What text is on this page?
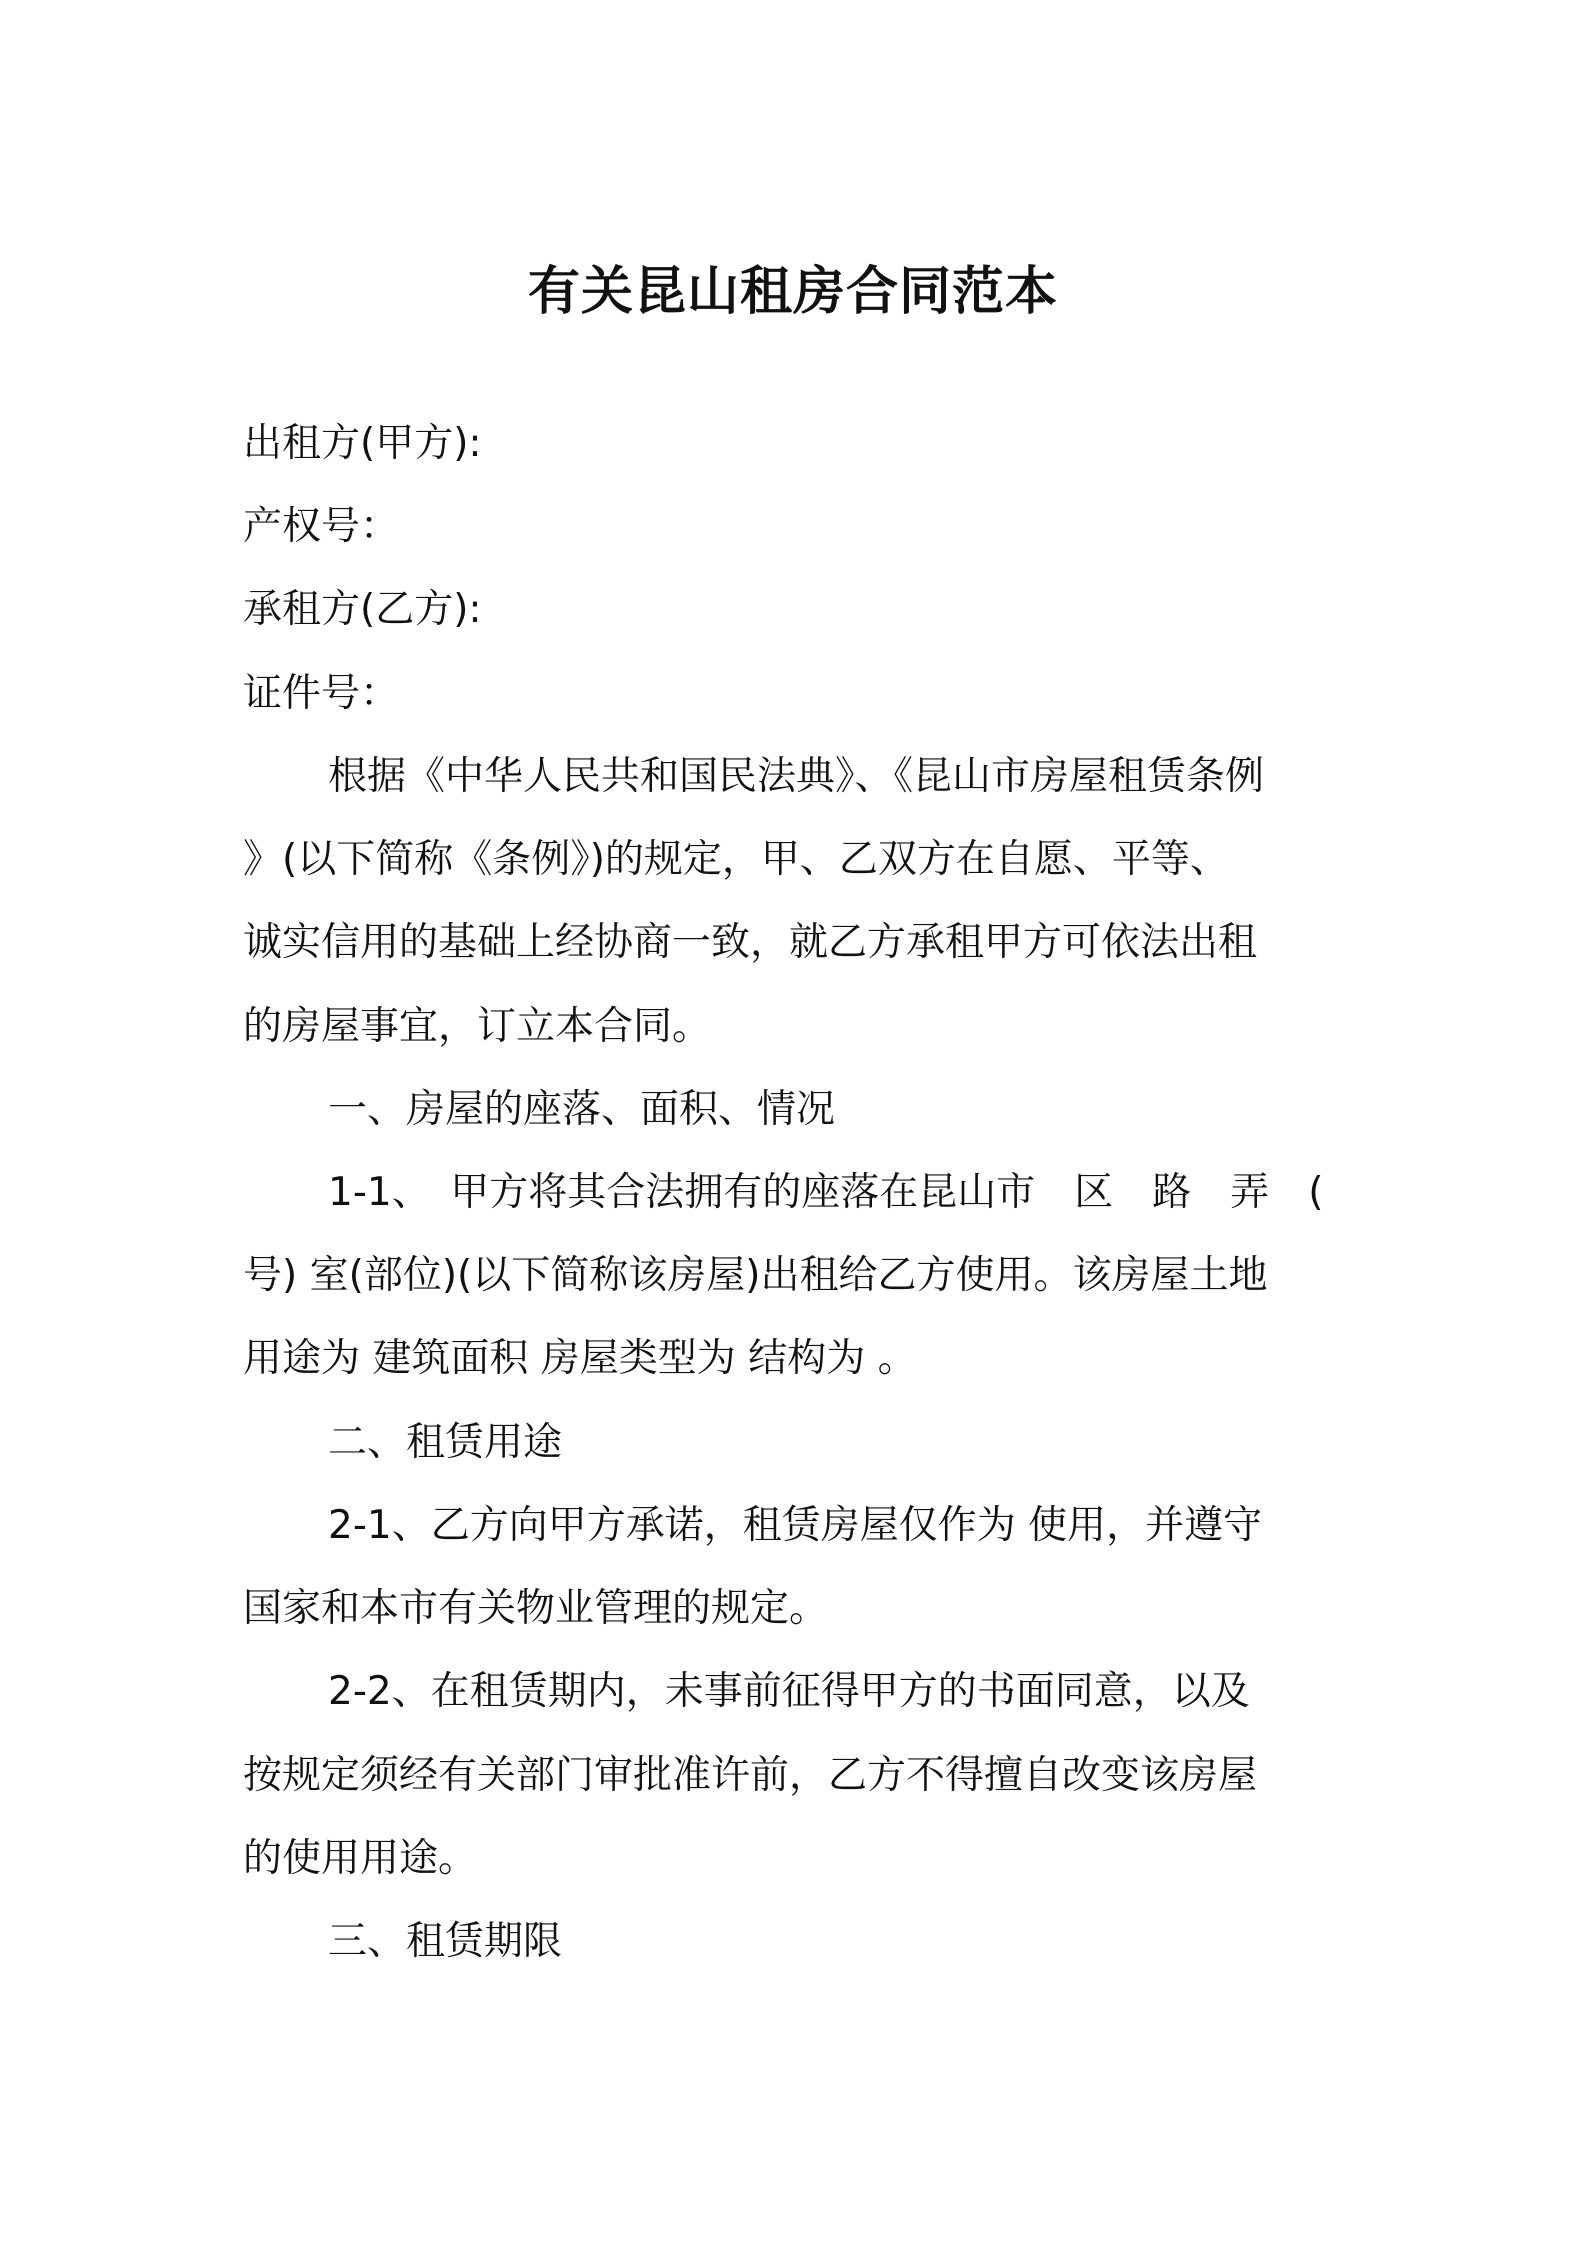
有关昆山租房合同范本
出租方(甲方):
产权号：
承租方(乙方):
证件号：
根据《中华人民共和国民法典》、《昆山市房屋租赁条例
》(以下简称《条例》)的规定，甲、乙双方在自愿、平等、
诚实信用的基础上经协商一致，就乙方承租甲方可依法出租
的房屋事宜，订立本合同。
一、房屋的座落、面积、情况
1-1、　甲方将其合法拥有的座落在昆山市　区　路　弄　(
号) 室(部位)(以下简称该房屋)出租给乙方使用。该房屋土地
用途为 建筑面积 房屋类型为 结构为 。
二、租赁用途
2-1、乙方向甲方承诺，租赁房屋仅作为 使用，并遵守
国家和本市有关物业管理的规定。
2-2、在租赁期内，未事前征得甲方的书面同意，以及
按规定须经有关部门审批准许前，乙方不得擅自改变该房屋
的使用用途。
三、租赁期限
